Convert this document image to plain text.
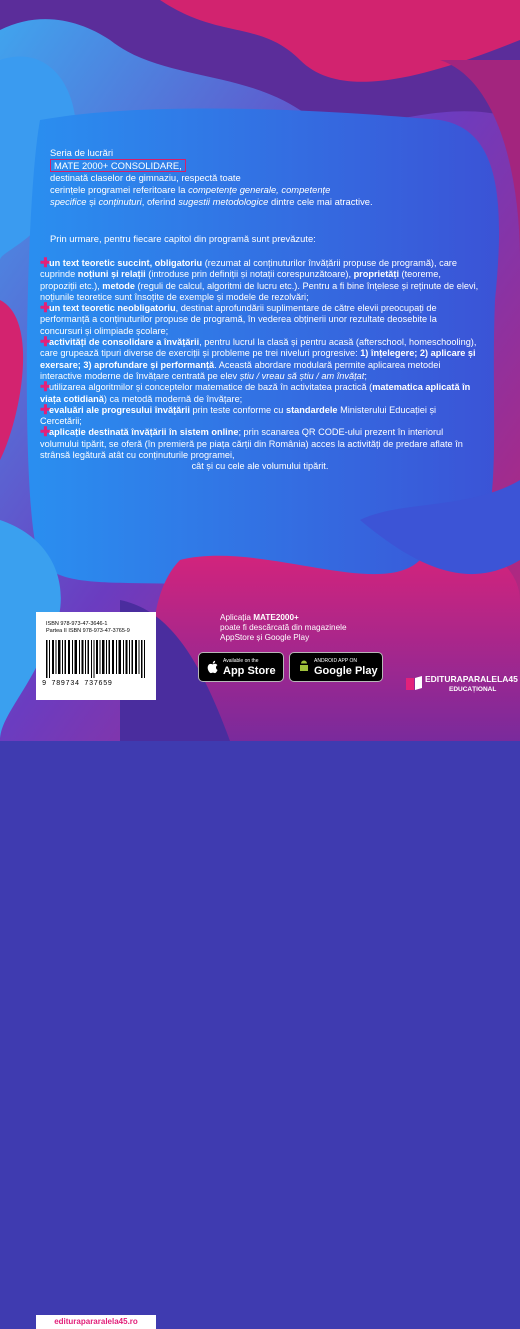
Seria de lucrări

MATE 2000+ CONSOLIDARE,

destinată claselor de gimnaziu, respectă toate

cerințele programei referitoare la competențe generale, competențe

specifice și conținuturi, oferind sugestii metodologice dintre cele mai atractive.

Prin urmare, pentru fiecare capitol din programă sunt prevăzute:
✚un text teoretic succint, obligatoriu (rezumat al conținuturilor învățării propuse de programă), care cuprinde noțiuni și relații (introduse prin definiții și notații corespunzătoare), proprietăți (teoreme, propoziții etc.), metode (reguli de calcul, algoritmi de lucru etc.). Pentru a fi bine înțelese și reținute de elevi, noțiunile teoretice sunt însoțite de exemple și modele de rezolvări;
✚un text teoretic neobligatoriu, destinat aprofundării suplimentare de către elevii preocupați de performanță a conținuturilor propuse de programă, în vederea obținerii unor rezultate deosebite la concursuri și olimpiade școlare;
✚activități de consolidare a învățării, pentru lucrul la clasă și pentru acasă (afterschool, homeschooling), care grupează tipuri diverse de exerciții și probleme pe trei niveluri progresive: 1) înțelegere; 2) aplicare și exersare; 3) aprofundare și performanță. Această abordare modulară permite aplicarea metodei interactive moderne de învățare centrată pe elev știu / vreau să știu / am învățat;
✚utilizarea algoritmilor și conceptelor matematice de bază în activitatea practică (matematica aplicată în viața cotidiană) ca metodă modernă de învățare;
✚evaluări ale progresului învățării prin teste conforme cu standardele Ministerului Educației și Cercetării;
✚aplicație destinată învățării în sistem online; prin scanarea QR CODE-ului prezent în interiorul volumului tipărit, se oferă (în premieră pe piața cărții din România) acces la activități de predare aflate în strânsă legătură atât cu conținuturile programei,
cât și cu cele ale volumului tipărit.
ISBN 978-973-47-3646-1
Partea II ISBN 978-973-47-3765-9
9 789734 737659
editurapararalela45.ro
Aplicația MATE2000+
poate fi descărcată din magazinele
AppStore și Google Play
Available on the
App Store
ANDROID APP ON
Google Play
EDITURAPARALELA45
EDUCAȚIONAL
